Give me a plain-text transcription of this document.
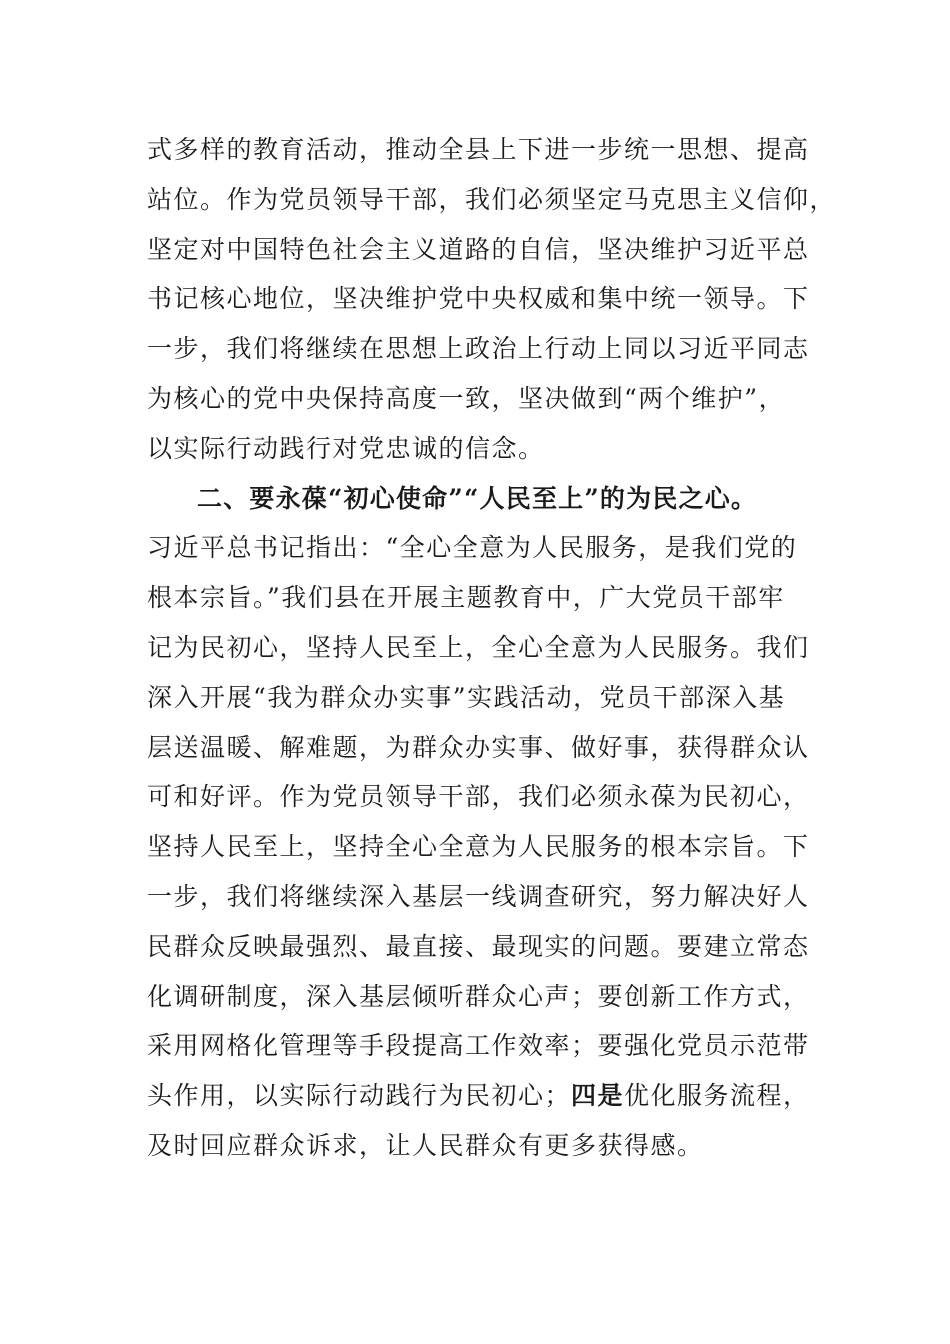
式多样的教育活动，推动全县上下进一步统一思想、提高
站位。作为党员领导干部，我们必须坚定马克思主义信仰，
坚定对中国特色社会主义道路的自信，坚决维护习近平总
书记核心地位，坚决维护党中央权威和集中统一领导。下
一步，我们将继续在思想上政治上行动上同以习近平同志
为核心的党中央保持高度一致，坚决做到“两个维护”，
以实际行动践行对党忠诚的信念。
二、要永葆“初心使命”“人民至上”的为民之心。
习近平总书记指出：“全心全意为人民服务，是我们党的
根本宗旨。”我们县在开展主题教育中，广大党员干部牢
记为民初心，坚持人民至上，全心全意为人民服务。我们
深入开展“我为群众办实事”实践活动，党员干部深入基
层送温暖、解难题，为群众办实事、做好事，获得群众认
可和好评。作为党员领导干部，我们必须永葆为民初心，
坚持人民至上，坚持全心全意为人民服务的根本宗旨。下
一步，我们将继续深入基层一线调查研究，努力解决好人
民群众反映最强烈、最直接、最现实的问题。要建立常态
化调研制度，深入基层倾听群众心声；要创新工作方式，
采用网格化管理等手段提高工作效率；要强化党员示范带
头作用，以实际行动践行为民初心；四是优化服务流程，
及时回应群众诉求，让人民群众有更多获得感。
